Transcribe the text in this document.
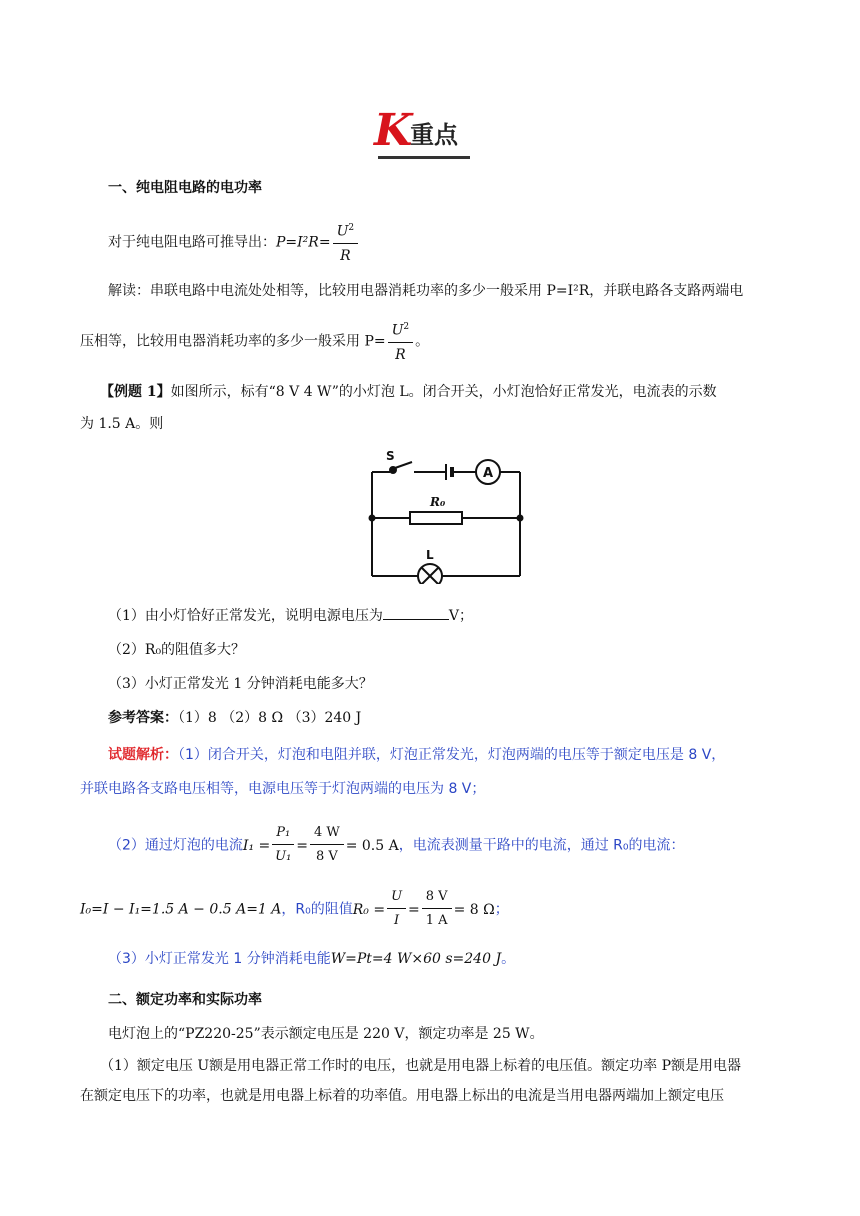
K
重点
一、纯电阻电路的电功率
对于纯电阻电路可推导出：$P=I^2R= \frac{U^2}{R}$
解读：串联电路中电流处处相等，比较用电器消耗功率的多少一般采用 P=I²R，并联电路各支路两端电
压相等，比较用电器消耗功率的多少一般采用 $P= \frac{U^2}{R}$ 。
【例题 1】如图所示，标有“8 V 4 W”的小灯泡 L。闭合开关，小灯泡恰好正常发光，电流表的示数
为 1.5 A。则
S
A
R₀
L
（1）由小灯恰好正常发光，说明电源电压为	V；
（2）R₀的阻值多大？
（3）小灯正常发光 1 分钟消耗电能多大？
参考答案：（1）8 （2）8 Ω （3）240 J
试题解析：（1）闭合开关，灯泡和电阻并联，灯泡正常发光，灯泡两端的电压等于额定电压是 8 V，
并联电路各支路电压相等，电源电压等于灯泡两端的电压为 8 V；
（2）通过灯泡的电流$I_1 = \frac{\text{P₁}}{\text{U₁}} = \frac{4 W}{8 V} = 0.5$ A，电流表测量干路中的电流，通过 R₀的电流：
I₀=I − I₁=1.5 A − 0.5 A=1 A，R₀的阻值$R_0 = \frac{U}{I} = \frac{8 V}{1 A} = 8$ Ω；
（3）小灯正常发光 1 分钟消耗电能W=Pt=4 W×60 s=240 J。
二、额定功率和实际功率
电灯泡上的“PZ220-25”表示额定电压是 220 V，额定功率是 25 W。
（1）额定电压 U额是用电器正常工作时的电压，也就是用电器上标着的电压值。额定功率 P额是用电器
在额定电压下的功率，也就是用电器上标着的功率值。用电器上标出的电流是当用电器两端加上额定电压
